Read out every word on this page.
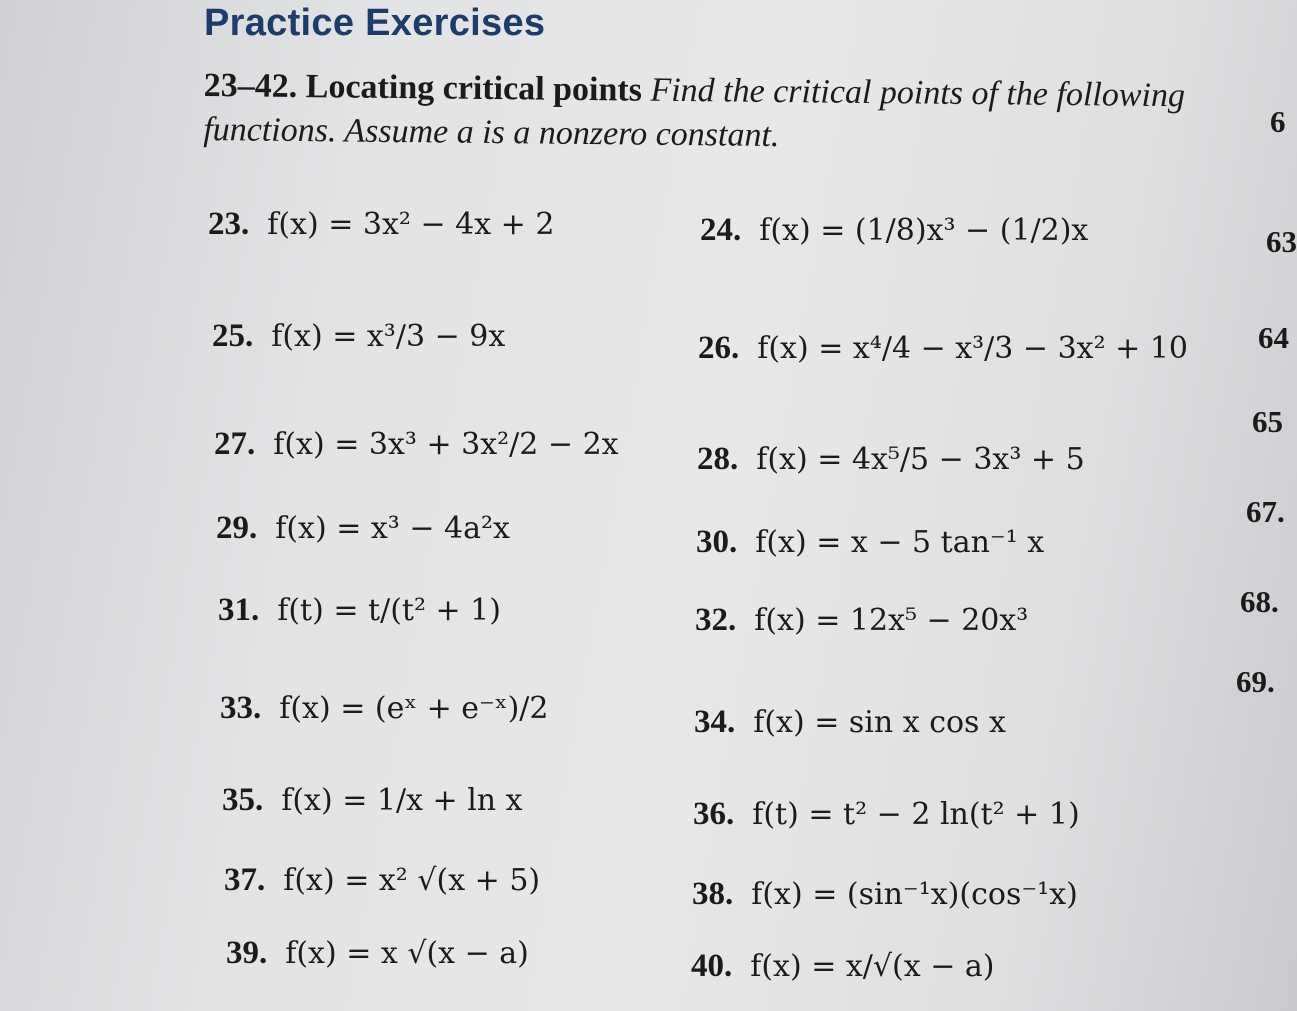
Practice Exercises
23–42. Locating critical points Find the critical points of the following functions. Assume a is a nonzero constant.
23. f(x) = 3x² − 4x + 2
25. f(x) = x³/3 − 9x
27. f(x) = 3x³ + 3x²/2 − 2x
29. f(x) = x³ − 4a²x
31. f(t) = t/(t² + 1)
33. f(x) = (eˣ + e⁻ˣ)/2
35. f(x) = 1/x + ln x
37. f(x) = x² √(x + 5)
39. f(x) = x √(x − a)
24. f(x) = (1/8)x³ − (1/2)x
26. f(x) = x⁴/4 − x³/3 − 3x² + 10
28. f(x) = 4x⁵/5 − 3x³ + 5
30. f(x) = x − 5 tan⁻¹ x
32. f(x) = 12x⁵ − 20x³
34. f(x) = sin x cos x
36. f(t) = t² − 2 ln(t² + 1)
38. f(x) = (sin⁻¹x)(cos⁻¹x)
40. f(x) = x/√(x − a)
6
63
64
65
67.
68.
69.
